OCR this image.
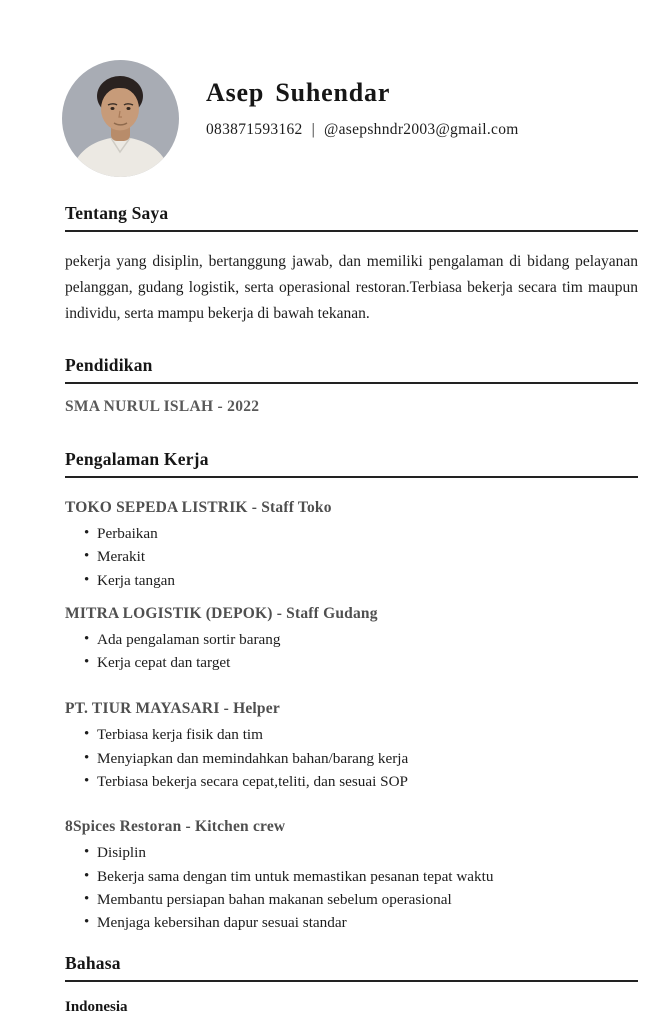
Asep Suhendar
083871593162 | @asepshndr2003@gmail.com
Tentang Saya

pekerja yang disiplin, bertanggung jawab, dan memiliki pengalaman di bidang pelayanan pelanggan, gudang logistik, serta operasional restoran.Terbiasa bekerja secara tim maupun individu, serta mampu bekerja di bawah tekanan.

Pendidikan
SMA NURUL ISLAH - 2022
Pengalaman Kerja
TOKO SEPEDA LISTRIK - Staff Toko
• Perbaikan
• Merakit
• Kerja tangan
MITRA LOGISTIK (DEPOK) - Staff Gudang
• Ada pengalaman sortir barang
• Kerja cepat dan target
PT. TIUR MAYASARI - Helper
• Terbiasa kerja fisik dan tim
• Menyiapkan dan memindahkan bahan/barang kerja
• Terbiasa bekerja secara cepat,teliti, dan sesuai SOP
8Spices Restoran - Kitchen crew
• Disiplin
• Bekerja sama dengan tim untuk memastikan pesanan tepat waktu
• Membantu persiapan bahan makanan sebelum operasional
• Menjaga kebersihan dapur sesuai standar
Bahasa
Indonesia
